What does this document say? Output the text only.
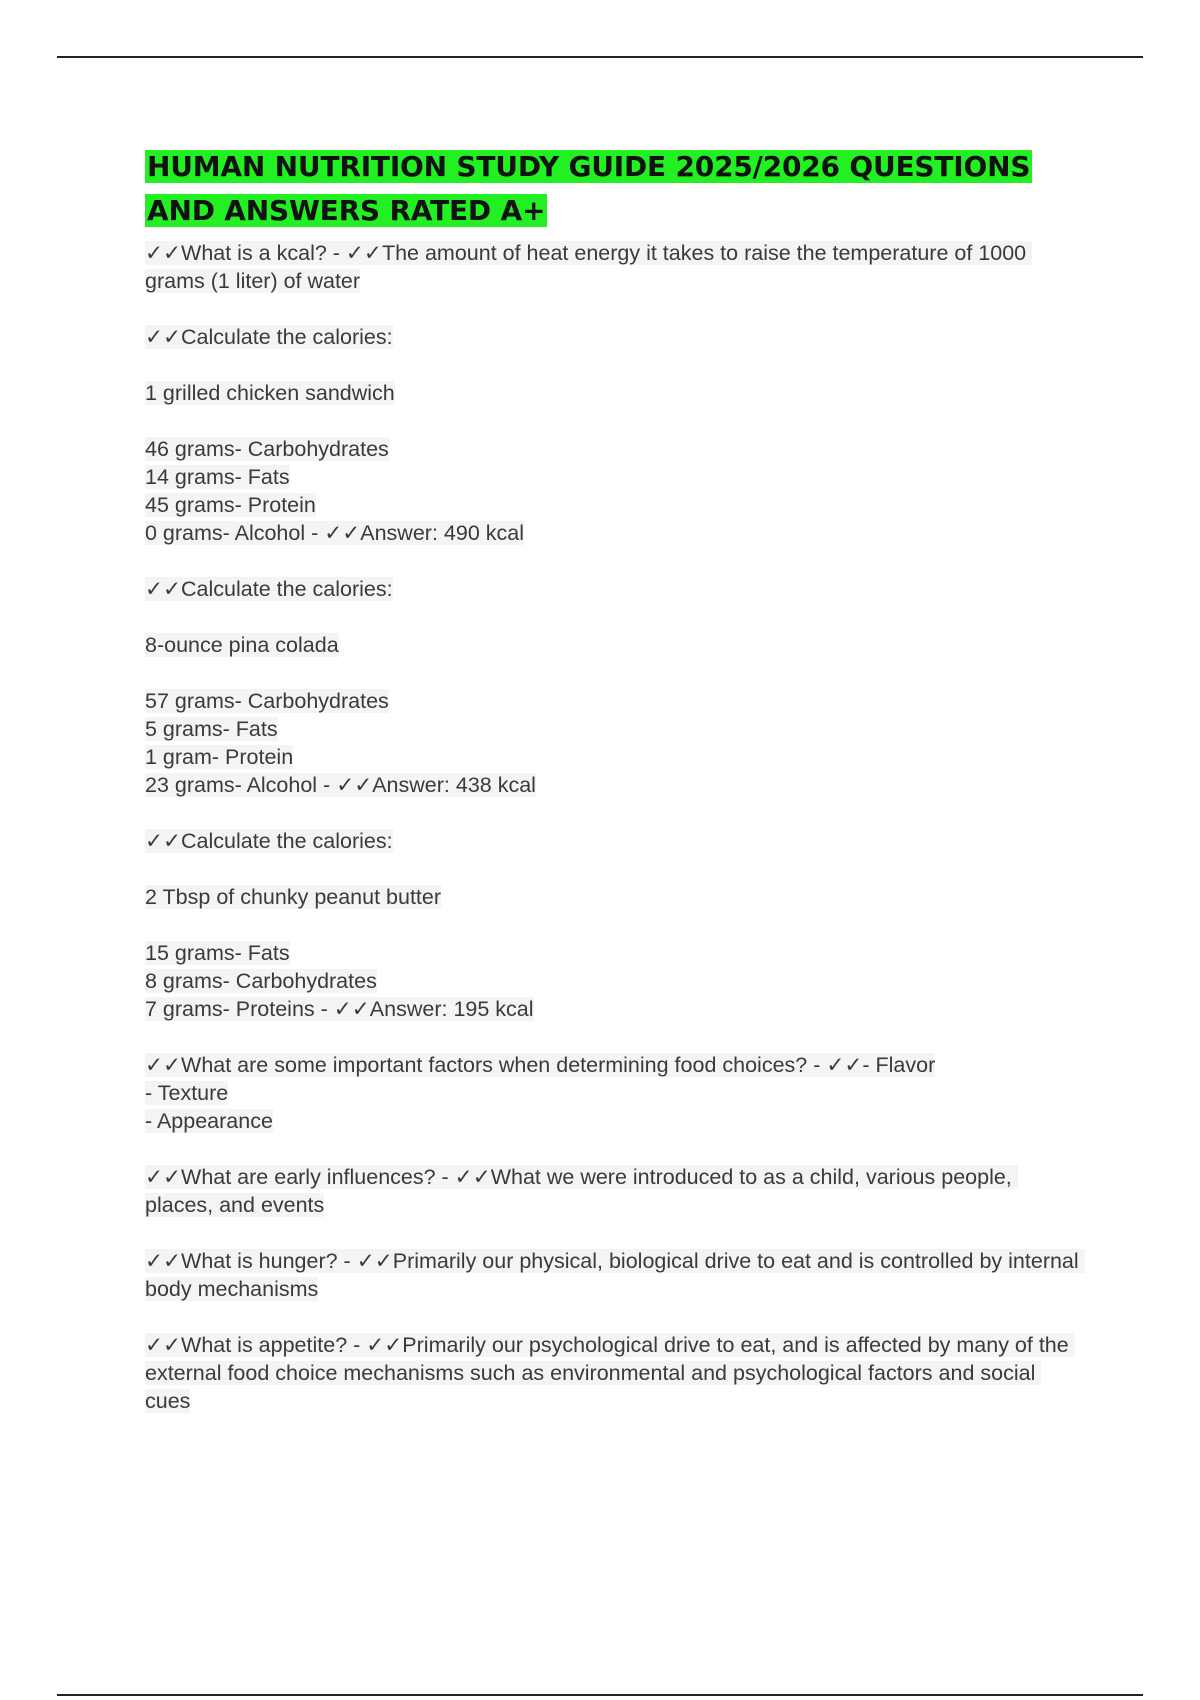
HUMAN NUTRITION STUDY GUIDE 2025/2026 QUESTIONS AND ANSWERS RATED A+
✓✓What is a kcal? - ✓✓The amount of heat energy it takes to raise the temperature of 1000 grams (1 liter) of water
✓✓Calculate the calories:
1 grilled chicken sandwich
46 grams- Carbohydrates
14 grams- Fats
45 grams- Protein
0 grams- Alcohol - ✓✓Answer: 490 kcal
✓✓Calculate the calories:
8-ounce pina colada
57 grams- Carbohydrates
5 grams- Fats
1 gram- Protein
23 grams- Alcohol - ✓✓Answer: 438 kcal
✓✓Calculate the calories:
2 Tbsp of chunky peanut butter
15 grams- Fats
8 grams- Carbohydrates
7 grams- Proteins - ✓✓Answer: 195 kcal
✓✓What are some important factors when determining food choices? - ✓✓- Flavor
- Texture
- Appearance
✓✓What are early influences? - ✓✓What we were introduced to as a child, various people, places, and events
✓✓What is hunger? - ✓✓Primarily our physical, biological drive to eat and is controlled by internal body mechanisms
✓✓What is appetite? - ✓✓Primarily our psychological drive to eat, and is affected by many of the external food choice mechanisms such as environmental and psychological factors and social cues
